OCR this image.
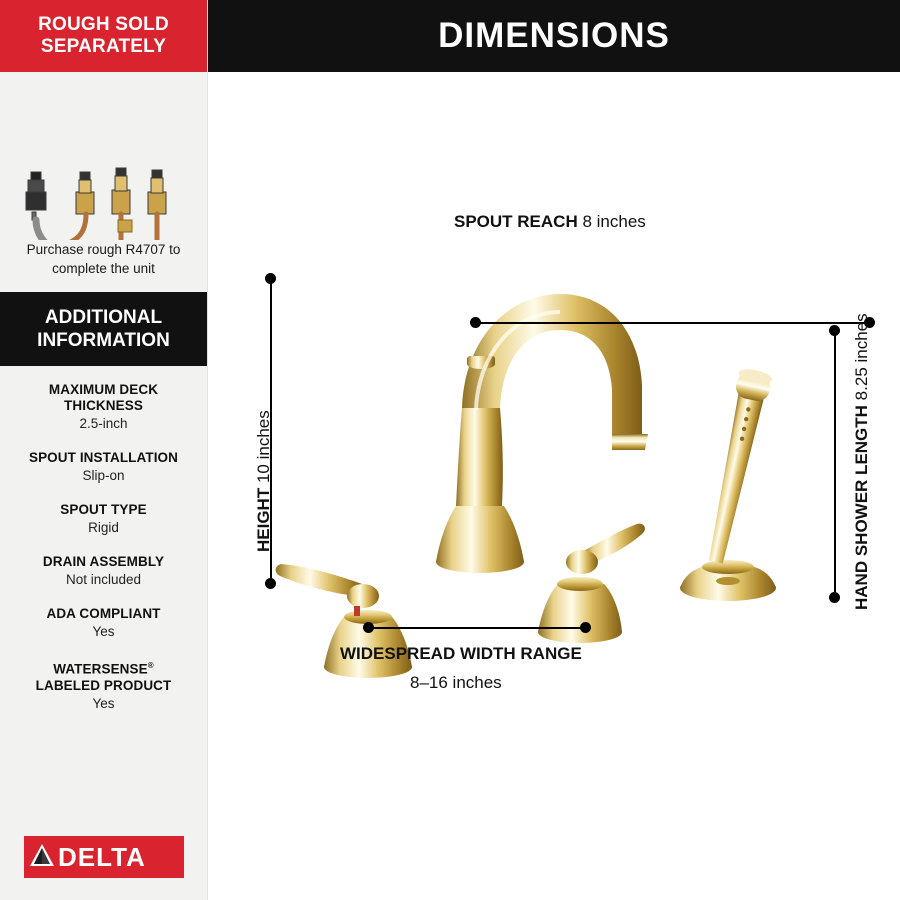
ROUGH SOLD
SEPARATELY
Purchase rough R4707 to complete the unit
ADDITIONAL
INFORMATION
MAXIMUM DECK THICKNESS
2.5-inch
SPOUT INSTALLATION
Slip-on
SPOUT TYPE
Rigid
DRAIN ASSEMBLY
Not included
ADA COMPLIANT
Yes
WATERSENSE®
LABELED PRODUCT
Yes
DELTA
DIMENSIONS
SPOUT REACH 8 inches
HEIGHT 10 inches	HAND SHOWER LENGTH 8.25 inches
WIDESPREAD WIDTH RANGE
8–16 inches
